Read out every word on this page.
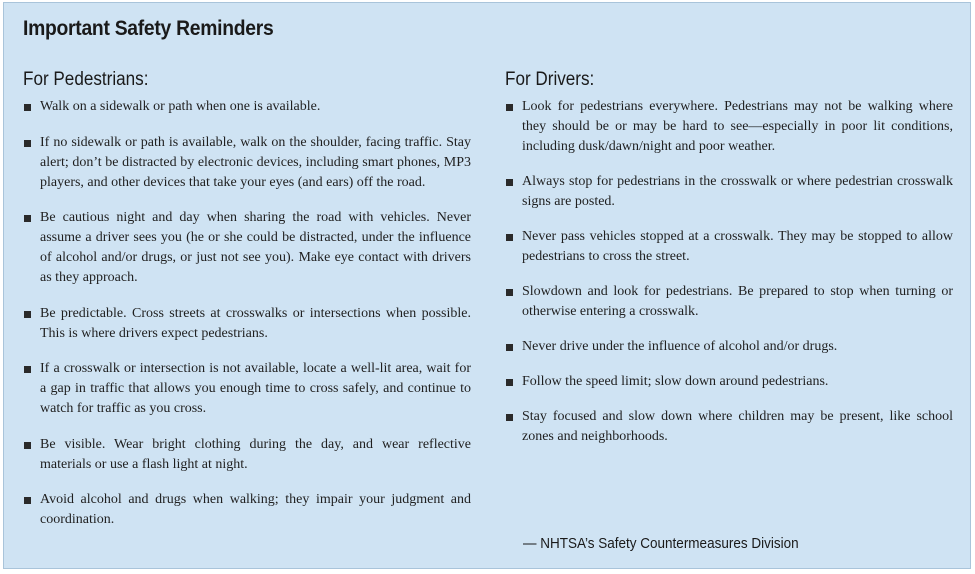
Important Safety Reminders
For Pedestrians:
Walk on a sidewalk or path when one is available.
If no sidewalk or path is available, walk on the shoulder, facing traffic. Stay alert; don’t be distracted by electronic devices, including smart phones, MP3 players, and other devices that take your eyes (and ears) off the road.
Be cautious night and day when sharing the road with vehicles. Never assume a driver sees you (he or she could be distracted, under the influence of alcohol and/or drugs, or just not see you). Make eye contact with drivers as they approach.
Be predictable. Cross streets at crosswalks or intersections when possible. This is where drivers expect pedestrians.
If a crosswalk or intersection is not available, locate a well-lit area, wait for a gap in traffic that allows you enough time to cross safely, and continue to watch for traffic as you cross.
Be visible. Wear bright clothing during the day, and wear reflective materials or use a flash light at night.
Avoid alcohol and drugs when walking; they impair your judgment and coordination.
For Drivers:
Look for pedestrians everywhere. Pedestrians may not be walking where they should be or may be hard to see—especially in poor lit conditions, including dusk/dawn/night and poor weather.
Always stop for pedestrians in the crosswalk or where pedestrian crosswalk signs are posted.
Never pass vehicles stopped at a crosswalk. They may be stopped to allow pedestrians to cross the street.
Slowdown and look for pedestrians. Be prepared to stop when turning or otherwise entering a crosswalk.
Never drive under the influence of alcohol and/or drugs.
Follow the speed limit; slow down around pedestrians.
Stay focused and slow down where children may be present, like school zones and neighborhoods.
— NHTSA’s Safety Countermeasures Division
